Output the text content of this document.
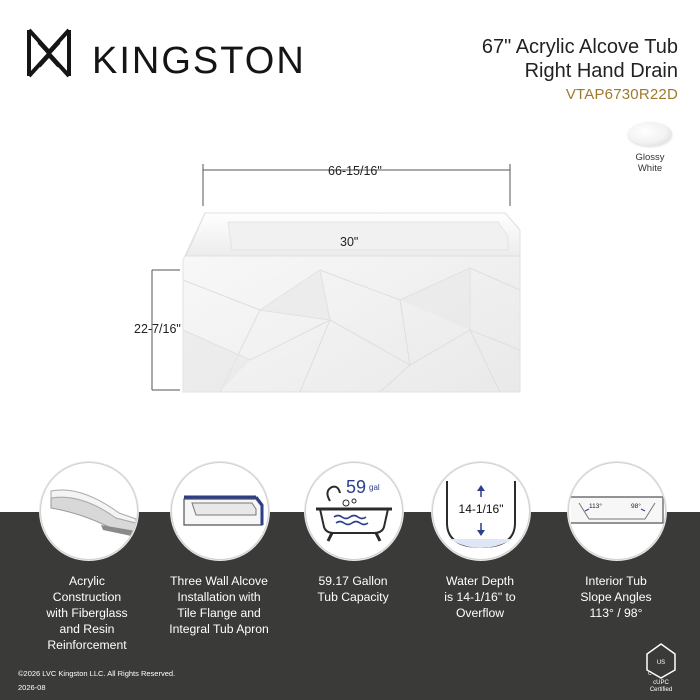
KINGSTON	67" Acrylic Alcove Tub
Right Hand Drain
VTAP6730R22D
Glossy
White
66-15/16"
30"
22-7/16"
Acrylic
Construction
with Fiberglass
and Resin
Reinforcement
Three Wall Alcove
Installation with
Tile Flange and
Integral Tub Apron
59 gal
59.17 Gallon
Tub Capacity
14-1/16"
Water Depth
is 14-1/16" to
Overflow
113°	98°
Interior Tub
Slope Angles
113° / 98°
©2026 LVC Kingston LLC. All Rights Reserved.
2026-08
US
C
cUPC
Certified
